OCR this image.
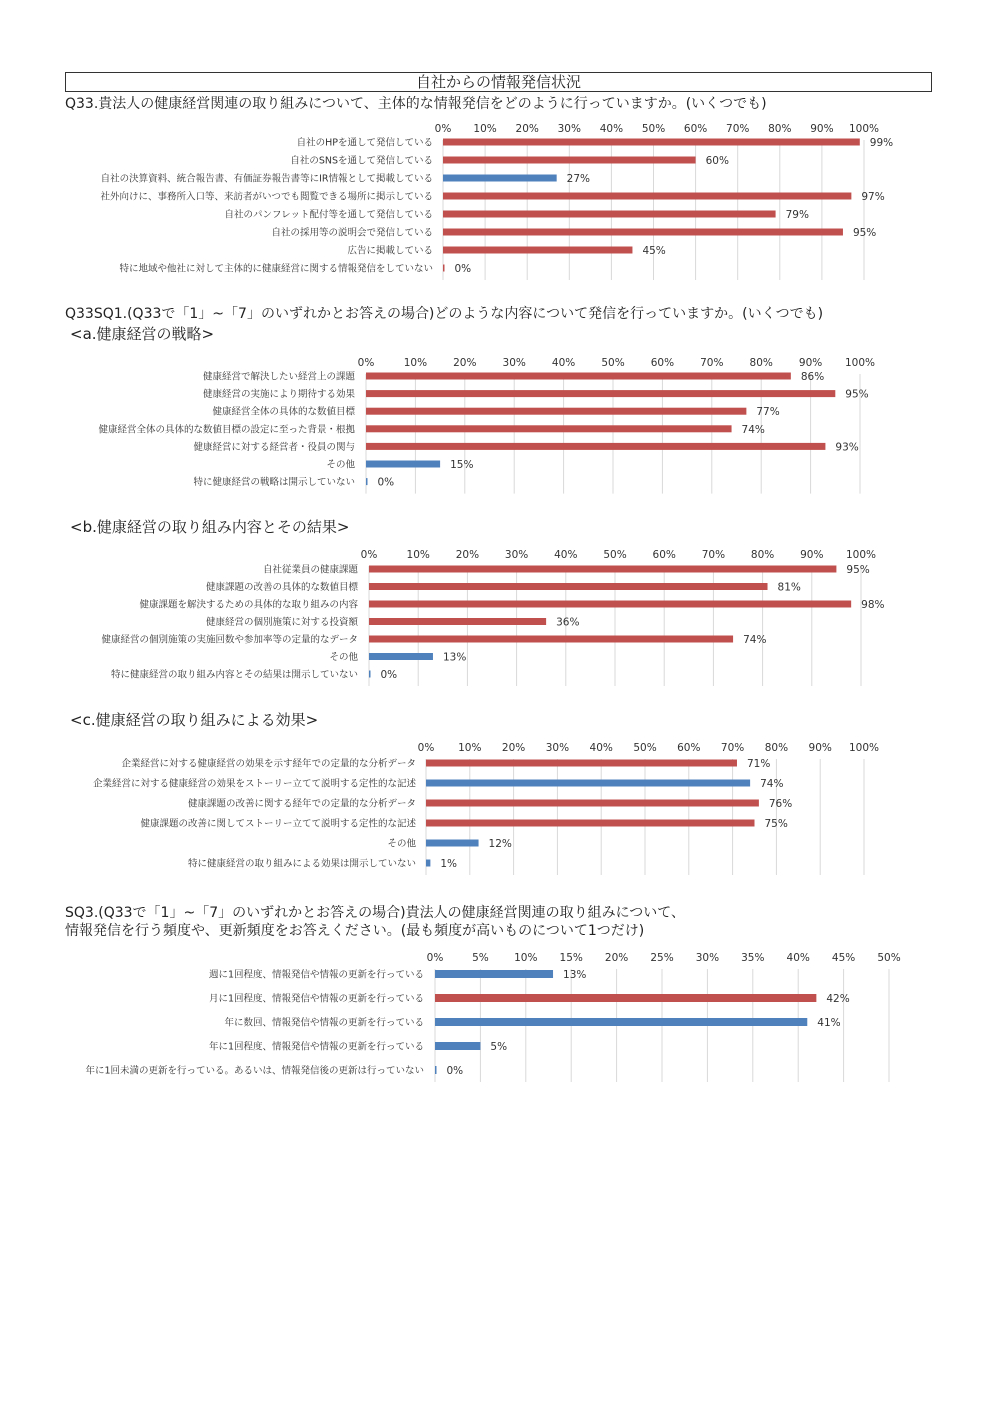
自社からの情報発信状況
Q33.貴法人の健康経営関連の取り組みについて、主体的な情報発信をどのように行っていますか。(いくつでも)
0% 10% 20% 30% 40% 50% 60% 70% 80% 90% 100%
自社のHPを通して発信している	99%
自社のSNSを通して発信している	60%
自社の決算資料、統合報告書、有価証券報告書等にIR情報として掲載している	27%
社外向けに、事務所入口等、来訪者がいつでも閲覧できる場所に掲示している	97%
自社のパンフレット配付等を通して発信している	79%
自社の採用等の説明会で発信している	95%
広告に掲載している	45%
特に地域や他社に対して主体的に健康経営に関する情報発信をしていない 0%
Q33SQ1.(Q33で「1」~「7」のいずれかとお答えの場合)どのような内容について発信を行っていますか。(いくつでも)
<a.健康経営の戦略>
0%	10% 20% 30% 40% 50% 60% 70% 80% 90% 100%
健康経営で解決したい経営上の課題	86%
健康経営の実施により期待する効果	95%
健康経営全体の具体的な数値目標	77%
健康経営全体の具体的な数値目標の設定に至った背景・根拠	74%
健康経営に対する経営者・役員の関与	93%
その他	15%
特に健康経営の戦略は開示していない 0%
<b.健康経営の取り組み内容とその結果>
0%	10% 20% 30% 40% 50% 60% 70% 80% 90% 100%
自社従業員の健康課題	95%
健康課題の改善の具体的な数値目標	81%
健康課題を解決するための具体的な取り組みの内容	98%
健康経営の個別施策に対する投資額	36%
健康経営の個別施策の実施回数や参加率等の定量的なデータ	74%
その他	13%
特に健康経営の取り組み内容とその結果は開示していない 0%
<c.健康経営の取り組みによる効果>
0% 10% 20% 30% 40% 50% 60% 70% 80% 90% 100%
企業経営に対する健康経営の効果を示す経年での定量的な分析データ	71%
企業経営に対する健康経営の効果をストーリー立てて説明する定性的な記述	74%
健康課題の改善に関する経年での定量的な分析データ	76%
健康課題の改善に関してストーリー立てて説明する定性的な記述	75%
その他	12%
特に健康経営の取り組みによる効果は開示していない 1%
SQ3.(Q33で「1」~「7」のいずれかとお答えの場合)貴法人の健康経営関連の取り組みについて、
情報発信を行う頻度や、更新頻度をお答えください。(最も頻度が高いものについて1つだけ)
0%	5% 10% 15% 20% 25% 30% 35% 40% 45% 50%
週に1回程度、情報発信や情報の更新を行っている	13%
月に1回程度、情報発信や情報の更新を行っている	42%
年に数回、情報発信や情報の更新を行っている	41%
年に1回程度、情報発信や情報の更新を行っている	5%
年に1回未満の更新を行っている。あるいは、情報発信後の更新は行っていない 0%
